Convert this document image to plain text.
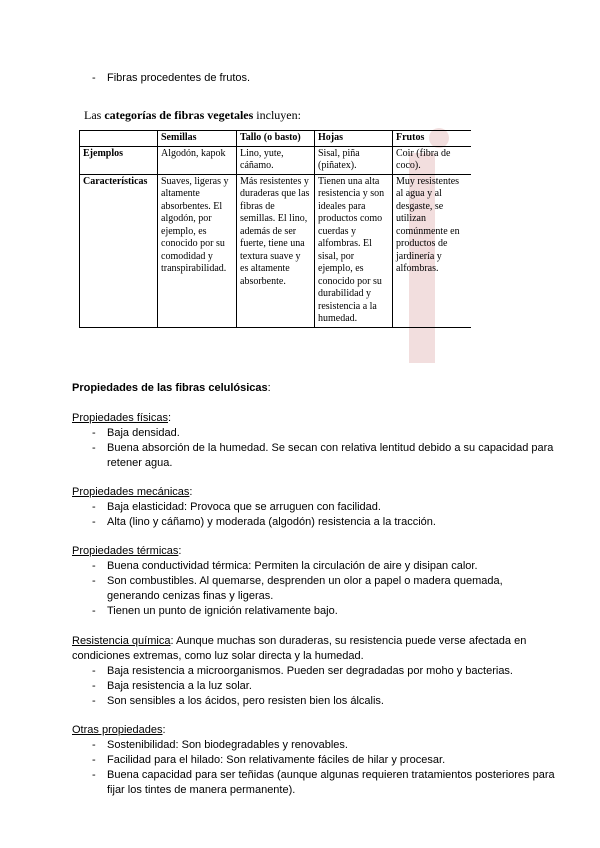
- Fibras procedentes de frutos.
Las categorías de fibras vegetales incluyen:
	Semillas	Tallo (o basto)	Hojas	Frutos
Ejemplos	Algodón, kapok	Lino, yute, cáñamo.	Sisal, piña (piñatex).	Coir (fibra de coco).
Características	Suaves, ligeras y altamente absorbentes. El algodón, por ejemplo, es conocido por su comodidad y transpirabilidad.	Más resistentes y duraderas que las fibras de semillas. El lino, además de ser fuerte, tiene una textura suave y es altamente absorbente.	Tienen una alta resistencia y son ideales para productos como cuerdas y alfombras. El sisal, por ejemplo, es conocido por su durabilidad y resistencia a la humedad.	Muy resistentes al agua y al desgaste, se utilizan comúnmente en productos de jardinería y alfombras.
Propiedades de las fibras celulósicas:
Propiedades físicas:
- Baja densidad.
- Buena absorción de la humedad. Se secan con relativa lentitud debido a su capacidad para retener agua.
Propiedades mecánicas:
- Baja elasticidad: Provoca que se arruguen con facilidad.
- Alta (lino y cáñamo) y moderada (algodón) resistencia a la tracción.
Propiedades térmicas:
- Buena conductividad térmica: Permiten la circulación de aire y disipan calor.
- Son combustibles. Al quemarse, desprenden un olor a papel o madera quemada, generando cenizas finas y ligeras.
- Tienen un punto de ignición relativamente bajo.
Resistencia química: Aunque muchas son duraderas, su resistencia puede verse afectada en condiciones extremas, como luz solar directa y la humedad.
- Baja resistencia a microorganismos. Pueden ser degradadas por moho y bacterias.
- Baja resistencia a la luz solar.
- Son sensibles a los ácidos, pero resisten bien los álcalis.
Otras propiedades:
- Sostenibilidad: Son biodegradables y renovables.
- Facilidad para el hilado: Son relativamente fáciles de hilar y procesar.
- Buena capacidad para ser teñidas (aunque algunas requieren tratamientos posteriores para fijar los tintes de manera permanente).
